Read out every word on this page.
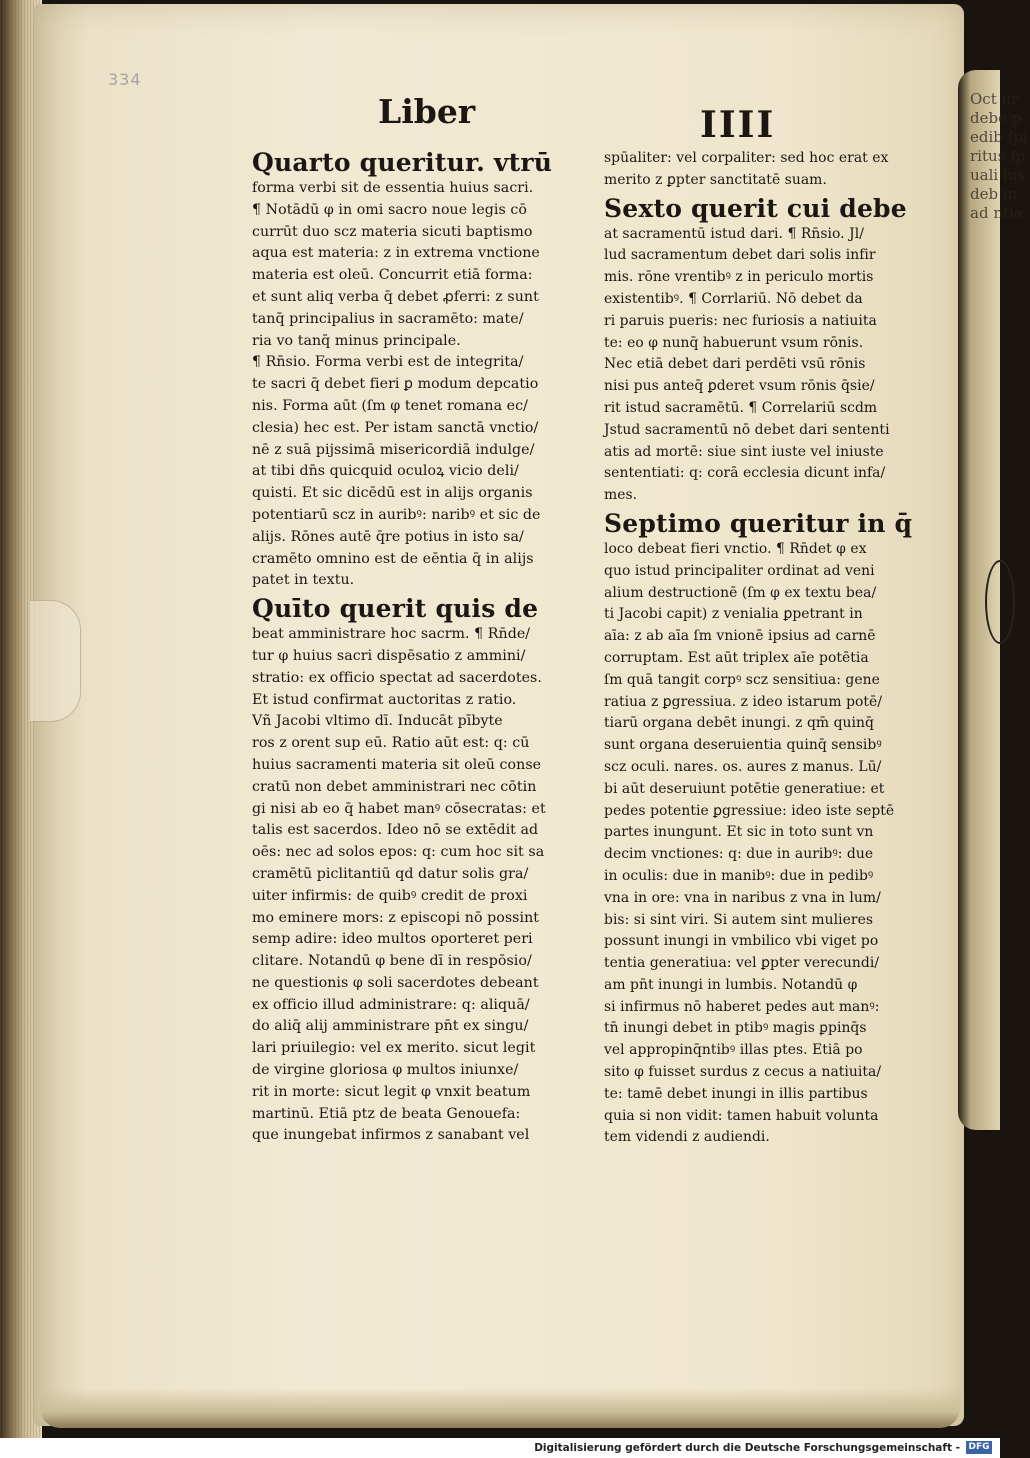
Oct ur debe pedib fpiritus fpuali lus deb m ad ntia
334
Liber	IIII
Quarto queritur. vtrū
forma verbi sit de essentia huius sacri.
¶ Notādū φ in omi sacro noue legis cō
currūt duo scz materia sicuti baptismo
aqua est materia: z in extrema vnctione
materia est oleū. Concurrit etiā forma:
et sunt aliq verba q̄ debet ꝓferri: z sunt
tanq̄ principalius in sacramēto: mate/
ria vo tanq̄ minus principale.
¶ Rn̄sio. Forma verbi est de integrita/
te sacri q̄ debet fieri ꝑ modum depcatio
nis. Forma aūt (ſm φ tenet romana ec/
clesia) hec est. Per istam sanctā vnctio/
nē z suā pijssimā misericordiā indulge/
at tibi dn̄s quicquid oculoꝝ vicio deli/
quisti. Et sic dicēdū est in alijs organis
potentiarū scz in auribꝰ: naribꝰ et sic de
alijs. Rōnes autē q̄re potius in isto sa/
cramēto omnino est de eēntia q̄ in alijs
patet in textu.
Quīto querit quis de
beat amministrare hoc sacrm. ¶ Rn̄de/
tur φ huius sacri dispēsatio z ammini/
stratio: ex officio spectat ad sacerdotes.
Et istud confirmat auctoritas z ratio.
Vñ Jacobi vltimo dī. Inducāt pībyte
ros z orent sup eū. Ratio aūt est: q: cū
huius sacramenti materia sit oleū conse
cratū non debet amministrari nec cōtin
gi nisi ab eo q̄ habet manꝰ cōsecratas: et
talis est sacerdos. Ideo nō se extēdit ad
oēs: nec ad solos epos: q: cum hoc sit sa
cramētū piclitantiū qd datur solis gra/
uiter infirmis: de quibꝰ credit de proxi
mo eminere mors: z episcopi nō possint
semp adire: ideo multos oporteret peri
clitare. Notandū φ bene dī in respōsio/
ne questionis φ soli sacerdotes debeant
ex officio illud administrare: q: aliquā/
do aliq̄ alij amministrare pn̄t ex singu/
lari priuilegio: vel ex merito. sicut legit
de virgine gloriosa φ multos iniunxe/
rit in morte: sicut legit φ vnxit beatum
martinū. Etiā ptz de beata Genouefa:
que inungebat infirmos z sanabant vel
spūaliter: vel corpaliter: sed hoc erat ex
merito z ꝑpter sanctitatē suam.
Sexto querit cui debe
at sacramentū istud dari. ¶ Rn̄sio. Jl/
lud sacramentum debet dari solis infir
mis. rōne vrentibꝰ z in periculo mortis
existentibꝰ. ¶ Corrlariū. Nō debet da
ri paruis pueris: nec furiosis a natiuita
te: eo φ nunq̄ habuerunt vsum rōnis.
Nec etiā debet dari perdēti vsū rōnis
nisi pus anteq̄ ꝑderet vsum rōnis q̄sie/
rit istud sacramētū. ¶ Correlariū scdm
Jstud sacramentū nō debet dari sententi
atis ad mortē: siue sint iuste vel iniuste
sententiati: q: corā ecclesia dicunt infa/
mes.
Septimo queritur in q̄
loco debeat fieri vnctio. ¶ Rn̄det φ ex
quo istud principaliter ordinat ad veni
alium destructionē (ſm φ ex textu bea/
ti Jacobi capit) z venialia ꝑpetrant in
aīa: z ab aīa ſm vnionē ipsius ad carnē
corruptam. Est aūt triplex aīe potētia
ſm quā tangit corpꝰ scz sensitiua: gene
ratiua z ꝑgressiua. z ideo istarum potē/
tiarū organa debēt inungi. z qm̄ quinq̄
sunt organa deseruientia quinq̄ sensibꝰ
scz oculi. nares. os. aures z manus. Lū/
bi aūt deseruiunt potētie generatiue: et
pedes potentie ꝑgressiue: ideo iste septē
partes inungunt. Et sic in toto sunt vn
decim vnctiones: q: due in auribꝰ: due
in oculis: due in manibꝰ: due in pedibꝰ
vna in ore: vna in naribus z vna in lum/
bis: si sint viri. Si autem sint mulieres
possunt inungi in vmbilico vbi viget po
tentia generatiua: vel ꝑpter verecundi/
am pn̄t inungi in lumbis. Notandū φ
si infirmus nō haberet pedes aut manꝰ:
tn̄ inungi debet in ptibꝰ magis ꝑpinq̄s
vel appropinq̄ntibꝰ illas ptes. Etiā po
sito φ fuisset surdus z cecus a natiuita/
te: tamē debet inungi in illis partibus
quia si non vidit: tamen habuit volunta
tem videndi z audiendi.
Digitalisierung gefördert durch die Deutsche Forschungsgemeinschaft - DFG
